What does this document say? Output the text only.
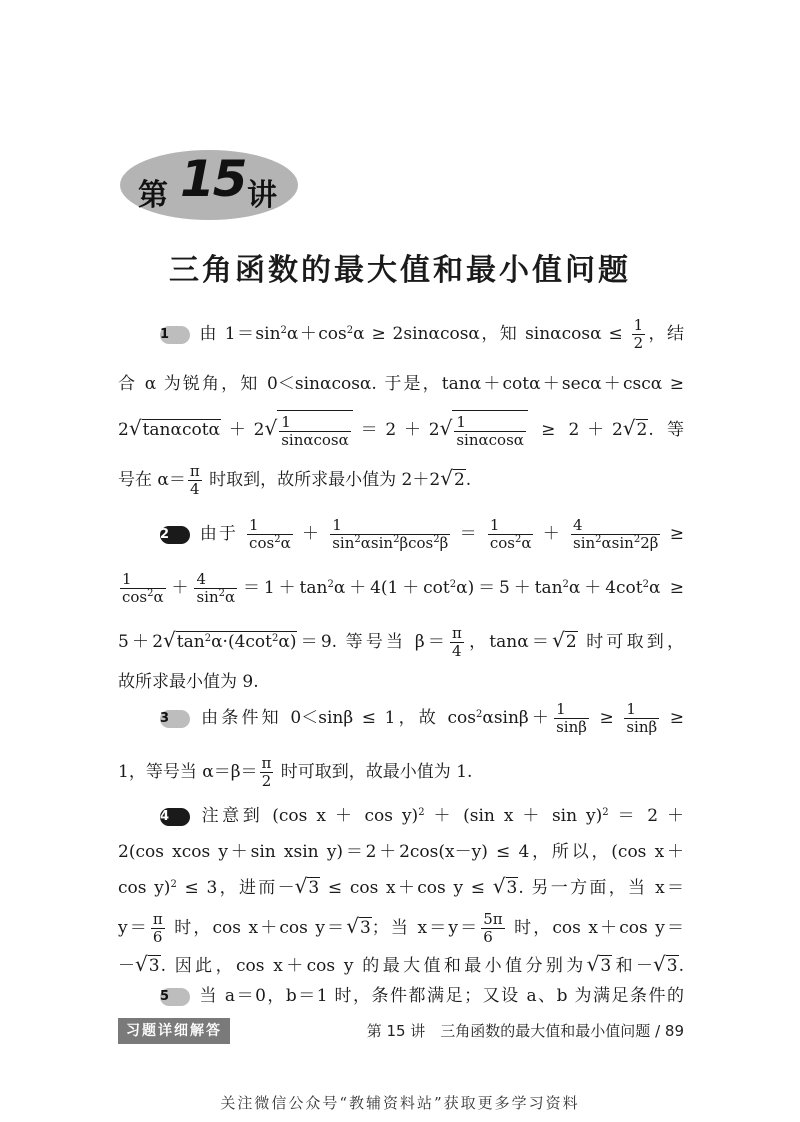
第 15 讲
三角函数的最大值和最小值问题
1 由 $1=\sin^2\alpha+\cos^2\alpha \ge 2\sin\alpha\cos\alpha$，知 $\sin\alpha\cos\alpha \le \frac{1}{2}$ ，结
合 α 为锐角，知 0＜sinαcosα. 于是，tanα＋cotα＋secα＋cscα ≥
$2√\tan\alpha\cot\alpha+2√ \frac{1}{\sin\alpha\cos\alpha} =2+2√ \frac{1}{\sin\alpha\cos\alpha} \ge 2+2√2$. 等
号在 $\alpha= \frac{\pi}{4}$ 时取到，故所求最小值为 2＋2√2.
2 由于 $\frac{1}{\cos^2\alpha} + \frac{1}{\sin^2\alpha\sin^2\beta\cos^2\beta} = \frac{1}{\cos^2\alpha} + \frac{4}{\sin^2\alpha\sin^22\beta}$ ≥
$\frac{1}{\cos^2\alpha} + \frac{4}{\sin^2\alpha} =1+\tan^2\alpha+4(1+\cot^2\alpha)=5+\tan^2\alpha+4\cot^2\alpha$ ≥
$5+2√\tan^2\alpha\cdot(4\cot^2\alpha)=9$. 等号当 $\beta= \frac{\pi}{4}$ ，tanα＝√2 时可取到，
故所求最小值为 9.
3 由条件知 0＜sinβ ≤ 1，故 $\cos^2\alpha\sin\beta+ \frac{1}{\sin\beta} \ge \frac{1}{\sin\beta}$ ≥
1，等号当 $\alpha=\beta= \frac{\pi}{2}$ 时可取到，故最小值为 1.
4 注意到 (cos x ＋ cos y)$^2$ ＋ (sin x ＋ sin y)$^2$ ＝ 2 ＋
2(cos xcos y＋sin xsin y)＝2＋2cos(x－y) ≤ 4，所以，(cos x＋
cos y)$^2$ ≤ 3，进而－√3 ≤ cos x＋cos y ≤ √3. 另一方面，当 x＝
$y= \frac{\pi}{6}$ 时，cos x＋cos y＝√3；当 $x=y= \frac{5\pi}{6}$ 时，cos x＋cos y＝
－√3. 因此，cos x＋cos y 的最大值和最小值分别为√3和－√3.
5 当 a＝0，b＝1 时，条件都满足；又设 a、b 为满足条件的
习题详细解答	第 15 讲　三角函数的最大值和最小值问题 / 89
关注微信公众号“教辅资料站”获取更多学习资料
